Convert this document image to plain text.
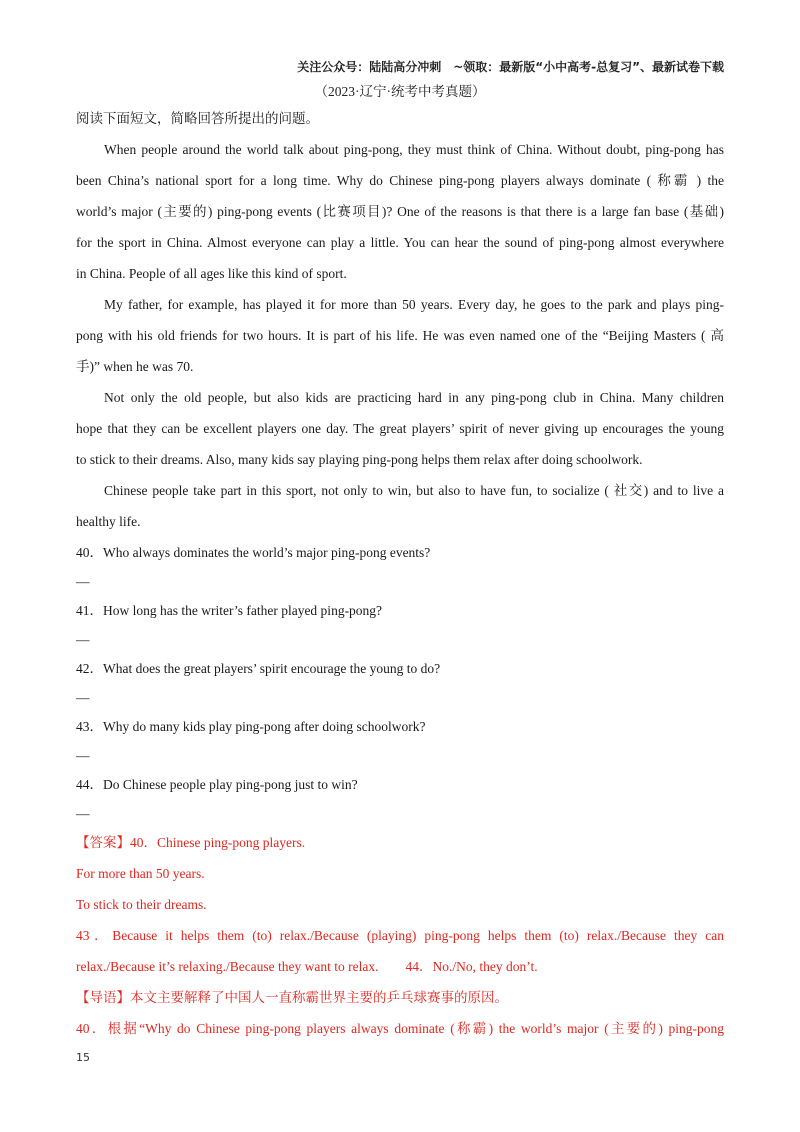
关注公众号：陆陆高分冲刺　~领取：最新版“小中高考-总复习”、最新试卷下载
（2023·辽宁·统考中考真题）
阅读下面短文，简略回答所提出的问题。
When people around the world talk about ping-pong, they must think of China. Without doubt, ping-pong has
been China’s national sport for a long time. Why do Chinese ping-pong players always dominate ( 称霸 ) the
world’s major (主要的) ping-pong events (比赛项目)? One of the reasons is that there is a large fan base (基础)
for the sport in China. Almost everyone can play a little. You can hear the sound of ping-pong almost everywhere
in China. People of all ages like this kind of sport.
My father, for example, has played it for more than 50 years. Every day, he goes to the park and plays ping-
pong with his old friends for two hours. It is part of his life. He was even named one of the “Beijing Masters ( 高
手)” when he was 70.
Not only the old people, but also kids are practicing hard in any ping-pong club in China. Many children
hope that they can be excellent players one day. The great players’ spirit of never giving up encourages the young
to stick to their dreams. Also, many kids say playing ping-pong helps them relax after doing schoolwork.
Chinese people take part in this sport, not only to win, but also to have fun, to socialize ( 社交) and to live a
healthy life.
40．Who always dominates the world’s major ping-pong events?
—
41．How long has the writer’s father played ping-pong?
—
42．What does the great players’ spirit encourage the young to do?
—
43．Why do many kids play ping-pong after doing schoolwork?
—
44．Do Chinese people play ping-pong just to win?
—
【答案】40．Chinese ping-pong players.
For more than 50 years.
To stick to their dreams.
43．Because it helps them (to) relax./Because (playing) ping-pong helps them (to) relax./Because they can
relax./Because it’s relaxing./Because they want to relax.　　44．No./No, they don’t.
【导语】本文主要解释了中国人一直称霸世界主要的乒乓球赛事的原因。
40．根据“Why do Chinese ping-pong players always dominate (称霸) the world’s major (主要的) ping-pong
15
